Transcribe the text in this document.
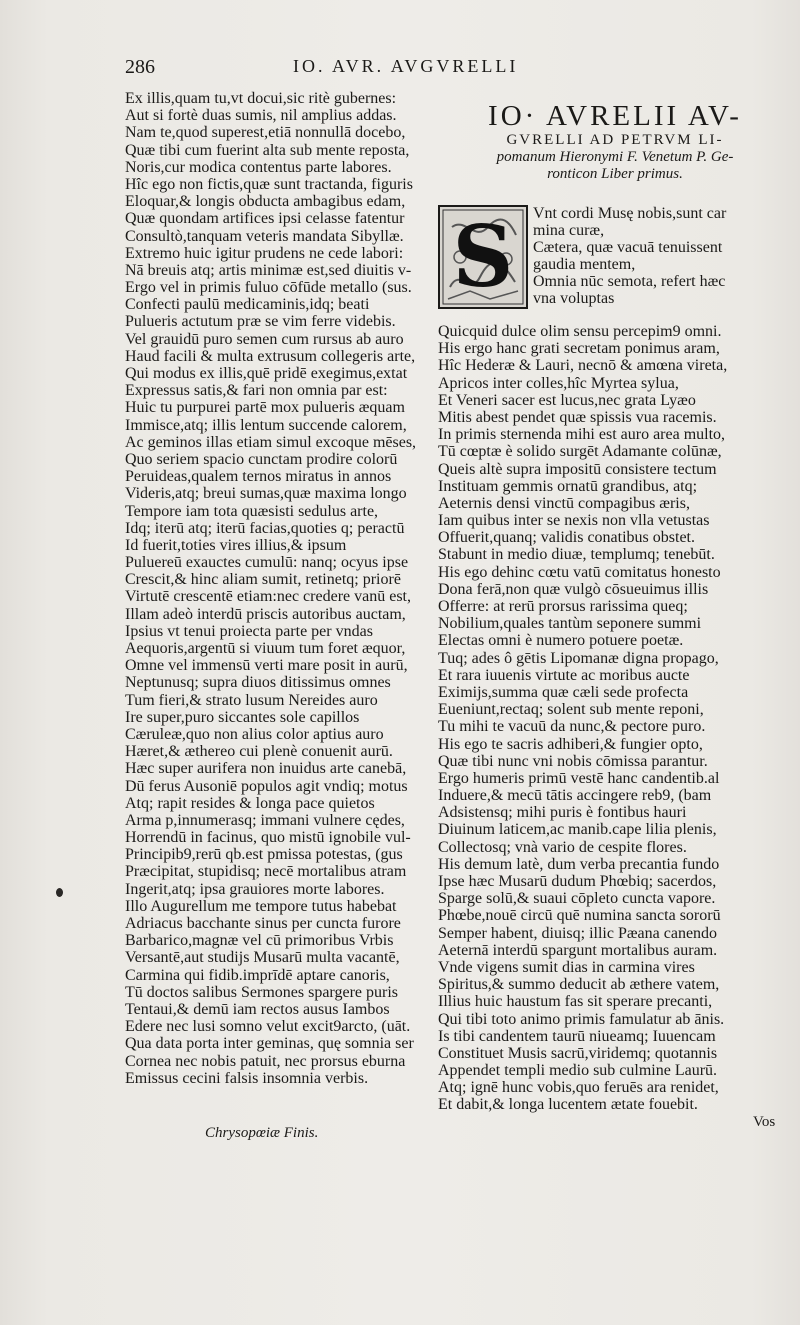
286	IO. AVR. AVGVRELLI
Ex illis,quam tu,vt docui,sic ritè gubernes:
Aut si fortè duas sumis, nil amplius addas.
Nam te,quod superest,etiā nonnullā docebo,
Quæ tibi cum fuerint alta sub mente reposta,
Noris,cur modica contentus parte labores.
Hîc ego non fictis,quæ sunt tractanda, figuris
Eloquar,& longis obducta ambagibus edam,
Quæ quondam artifices ipsi celasse fatentur
Consultò,tanquam veteris mandata Sibyllæ.
Extremo huic igitur prudens ne cede labori:
Nā breuis atq; artis minimæ est,sed diuitis v-
Ergo vel in primis fuluo cōfūde metallo (sus.
Confecti paulū medicaminis,idq; beati
Pulueris actutum præ se vim ferre videbis.
Vel grauidū puro semen cum rursus ab auro
Haud facili & multa extrusum collegeris arte,
Qui modus ex illis,quē pridē exegimus,extat
Expressus satis,& fari non omnia par est:
Huic tu purpurei partē mox pulueris æquam
Immisce,atq; illis lentum succende calorem,
Ac geminos illas etiam simul excoque mēses,
Quo seriem spacio cunctam prodire colorū
Peruideas,qualem ternos miratus in annos
Videris,atq; breui sumas,quæ maxima longo
Tempore iam tota quæsisti sedulus arte,
Idq; iterū atq; iterū facias,quoties q; peractū
Id fuerit,toties vires illius,& ipsum
Puluereū exauctes cumulū: nanq; ocyus ipse
Crescit,& hinc aliam sumit, retinetq; priorē
Virtutē crescentē etiam:nec credere vanū est,
Illam adeò interdū priscis autoribus auctam,
Ipsius vt tenui proiecta parte per vndas
Aequoris,argentū si viuum tum foret æquor,
Omne vel immensū verti mare posit in aurū,
Neptunusq; supra diuos ditissimus omnes
Tum fieri,& strato lusum Nereides auro
Ire super,puro siccantes sole capillos
Cæruleæ,quo non alius color aptius auro
Hæret,& æthereo cui plenè conuenit aurū.
Hæc super aurifera non inuidus arte canebā,
Dū ferus Ausoniē populos agit vndiq; motus
Atq; rapit resides & longa pace quietos
Arma p,innumerasq; immani vulnere cędes,
Horrendū in facinus, quo mistū ignobile vul-
Principib9,rerū qb.est pmissa potestas, (gus
Præcipitat, stupidisq; necē mortalibus atram
Ingerit,atq; ipsa grauiores morte labores.
Illo Augurellum me tempore tutus habebat
Adriacus bacchante sinus per cuncta furore
Barbarico,magnæ vel cū primoribus Vrbis
Versantē,aut studijs Musarū multa vacantē,
Carmina qui fidib.imprīdē aptare canoris,
Tū doctos salibus Sermones spargere puris
Tentaui,& demū iam rectos ausus Iambos
Edere nec lusi somno velut excit9arcto, (uāt.
Qua data porta inter geminas, quę somnia ser
Cornea nec nobis patuit, nec prorsus eburna
Emissus cecini falsis insomnia verbis.
Chrysopœiæ Finis.
IO· AVRELII AV-
GVRELLI AD PETRVM LI-
pomanum Hieronymi F. Venetum P. Ge-
ronticon Liber primus.
S	Vnt cordi Musę nobis,sunt car
mina curæ,
Cætera, quæ vacuā tenuissent
gaudia mentem,
Omnia nūc semota, refert hæc
vna voluptas
Quicquid dulce olim sensu percepim9 omni.
His ergo hanc grati secretam ponimus aram,
Hîc Hederæ & Lauri, necnō & amœna vireta,
Apricos inter colles,hîc Myrtea sylua,
Et Veneri sacer est lucus,nec grata Lyæo
Mitis abest pendet quæ spissis vua racemis.
In primis sternenda mihi est auro area multo,
Tū cœptæ è solido surgēt Adamante colūnæ,
Queis altè supra impositū consistere tectum
Instituam gemmis ornatū grandibus, atq;
Aeternis densi vinctū compagibus æris,
Iam quibus inter se nexis non vlla vetustas
Offuerit,quanq; validis conatibus obstet.
Stabunt in medio diuæ, templumq; tenebūt.
His ego dehinc cœtu vatū comitatus honesto
Dona ferā,non quæ vulgò cōsueuimus illis
Offerre: at rerū prorsus rarissima queq;
Nobilium,quales tantùm seponere summi
Electas omni è numero potuere poetæ.
Tuq; ades ô gētis Lipomanæ digna propago,
Et rara iuuenis virtute ac moribus aucte
Eximijs,summa quæ cæli sede profecta
Eueniunt,rectaq; solent sub mente reponi,
Tu mihi te vacuū da nunc,& pectore puro.
His ego te sacris adhiberi,& fungier opto,
Quæ tibi nunc vni nobis cōmissa parantur.
Ergo humeris primū vestē hanc candentib.al
Induere,& mecū tātis accingere reb9, (bam
Adsistensq; mihi puris è fontibus hauri
Diuinum laticem,ac manib.cape lilia plenis,
Collectosq; vnà vario de cespite flores.
His demum latè, dum verba precantia fundo
Ipse hæc Musarū dudum Phœbiq; sacerdos,
Sparge solū,& suaui cōpleto cuncta vapore.
Phœbe,nouē circū quē numina sancta sororū
Semper habent, diuisq; illic Pæana canendo
Aeternā interdū spargunt mortalibus auram.
Vnde vigens sumit dias in carmina vires
Spiritus,& summo deducit ab æthere vatem,
Illius huic haustum fas sit sperare precanti,
Qui tibi toto animo primis famulatur ab ānis.
Is tibi candentem taurū niueamq; Iuuencam
Constituet Musis sacrū,viridemq; quotannis
Appendet templi medio sub culmine Laurū.
Atq; ignē hunc vobis,quo feruēs ara renidet,
Et dabit,& longa lucentem ætate fouebit.
Vos
